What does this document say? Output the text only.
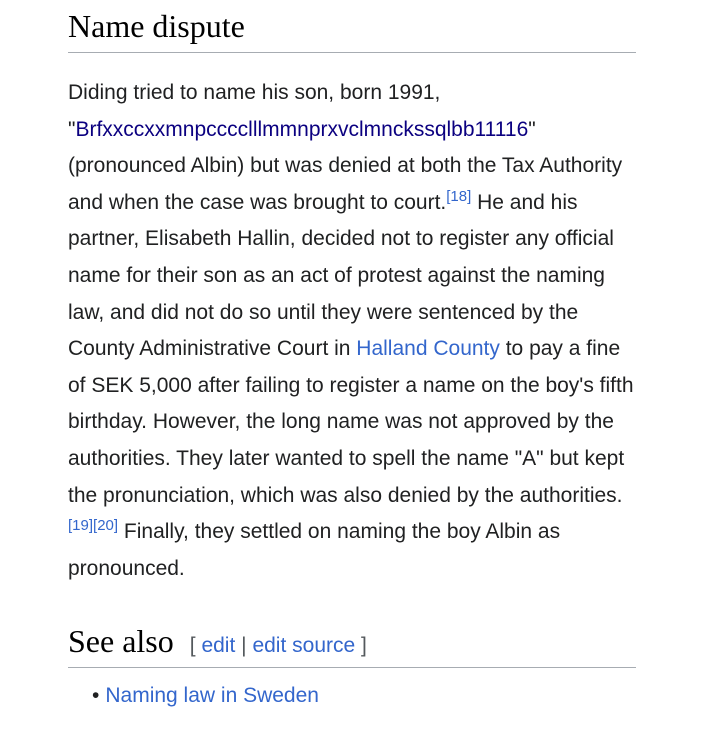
Name dispute

Diding tried to name his son, born 1991, "Brfxxccxxmnpcccclllmmnprxvclmnckssqlbb11116" (pronounced Albin) but was denied at both the Tax Authority and when the case was brought to court.[18] He and his partner, Elisabeth Hallin, decided not to register any official name for their son as an act of protest against the naming law, and did not do so until they were sentenced by the County Administrative Court in Halland County to pay a fine of SEK 5,000 after failing to register a name on the boy's fifth birthday. However, the long name was not approved by the authorities. They later wanted to spell the name "A" but kept the pronunciation, which was also denied by the authorities.[19][20] Finally, they settled on naming the boy Albin as pronounced.

See also [ edit | edit source ]
• Naming law in Sweden
